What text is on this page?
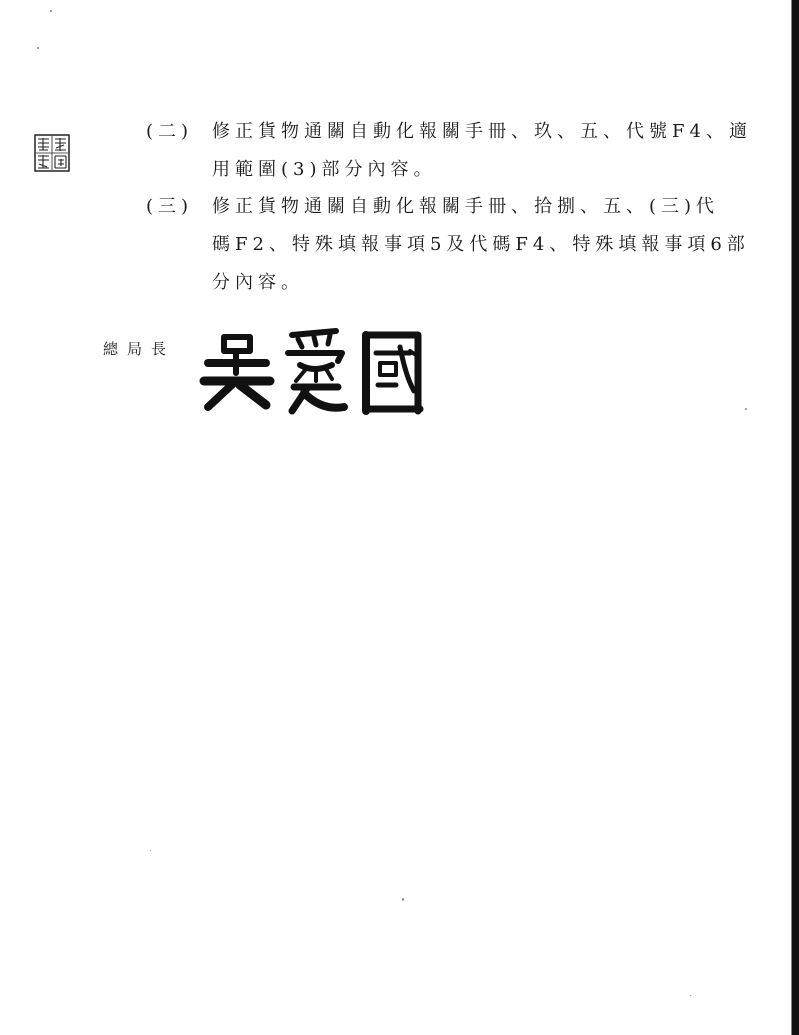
(二) 修正貨物通關自動化報關手冊、玖、五、代號F4、適
用範圍(3)部分內容。
(三) 修正貨物通關自動化報關手冊、拾捌、五、(三)代
碼F2、特殊填報事項5及代碼F4、特殊填報事項6部
分內容。
總局長
